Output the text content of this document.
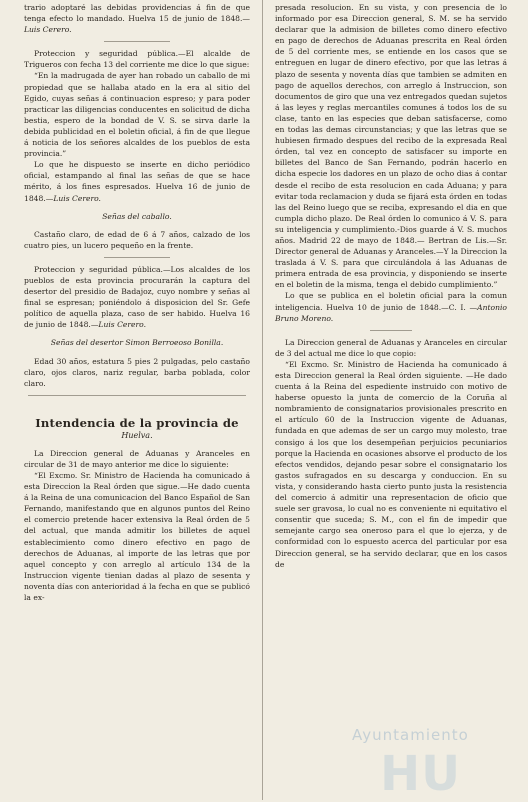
trario adoptaré las debidas providencias á fin de que tenga efecto lo mandado. Huelva 15 de junio de 1848.—Luis Cerero.

Proteccion y seguridad pública.—El alcalde de Trigueros con fecha 13 del corriente me dice lo que sigue:

“En la madrugada de ayer han robado un caballo de mi propiedad que se hallaba atado en la era al sitio del Egido, cuyas señas á continuacion espreso; y para poder practicar las diligencias conducentes en solicitud de dicha bestia, espero de la bondad de V. S. se sirva darle la debida publicidad en el boletin oficial, á fin de que llegue á noticia de los señores alcaldes de los pueblos de esta provincia.”

Lo que he dispuesto se inserte en dicho periódico oficial, estampando al final las señas de que se hace mérito, á los fines espresados. Huelva 16 de junio de 1848.—Luis Cerero.

Señas del caballo.

Castaño claro, de edad de 6 á 7 años, calzado de los cuatro pies, un lucero pequeño en la frente.

Proteccion y seguridad pública.—Los alcaldes de los pueblos de esta provincia procurarán la captura del desertor del presidio de Badajoz, cuyo nombre y señas al final se espresan; poniéndolo á disposicion del Sr. Gefe político de aquella plaza, caso de ser habido. Huelva 16 de junio de 1848.—Luis Cerero.

Señas del desertor Simon Berroeoso Bonilla.

Edad 30 años, estatura 5 pies 2 pulgadas, pelo castaño claro, ojos claros, nariz regular, barba poblada, color claro.

Intendencia de la provincia de
Huelva.

La Direccion general de Aduanas y Aranceles en circular de 31 de mayo anterior me dice lo siguiente:

“El Excmo. Sr. Ministro de Hacienda ha comunicado á esta Direccion la Real órden que sigue.—He dado cuenta á la Reina de una comunicacion del Banco Español de San Fernando, manifestando que en algunos puntos del Reino el comercio pretende hacer extensiva la Real órden de 5 del actual, que manda admitir los billetes de aquel establecimiento como dinero efectivo en pago de derechos de Aduanas, al importe de las letras que por aquel concepto y con arreglo al artículo 134 de la Instruccion vigente tienian dadas al plazo de sesenta y noventa días con anterioridad á la fecha en que se publicó la ex-

presada resolucion. En su vista, y con presencia de lo informado por esa Direccion general, S. M. se ha servido declarar que la admision de billetes como dinero efectivo en pago de derechos de Aduanas prescrita en Real órden de 5 del corriente mes, se entiende en los casos que se entreguen en lugar de dinero efectivo, por que las letras á plazo de sesenta y noventa días que tambien se admiten en pago de aquellos derechos, con arreglo á Instruccion, son documentos de giro que una vez entregados quedan sujetos á las leyes y reglas mercantiles comunes á todos los de su clase, tanto en las especies que deban satisfacerse, como en todas las demas circunstancias; y que las letras que se hubiesen firmado despues del recibo de la expresada Real órden, tal vez en concepto de satisfacer su importe en billetes del Banco de San Fernando, podrán hacerlo en dicha especie los dadores en un plazo de ocho dias á contar desde el recibo de esta resolucion en cada Aduana; y para evitar toda reclamacion y duda se fijará esta órden en todas las del Reino luego que se reciba, expresando el dia en que cumpla dicho plazo. De Real órden lo comunico á V. S. para su inteligencia y cumplimiento.-Dios guarde á V. S. muchos años. Madrid 22 de mayo de 1848.— Bertran de Lis.—Sr. Director general de Aduanas y Aranceles.—Y la Direccion la traslada á V. S. para que circulándola á las Aduanas de primera entrada de esa provincia, y disponiendo se inserte en el boletin de la misma, tenga el debido cumplimiento.”

Lo que se publica en el boletin oficial para la comun inteligencia. Huelva 10 de junio de 1848.—C. I. —Antonio Bruno Moreno.

La Direccion general de Aduanas y Aranceles en circular de 3 del actual me dice lo que copio:

“El Excmo. Sr. Ministro de Hacienda ha comunicado á esta Direccion general la Real órden siguiente. —He dado cuenta á la Reina del espediente instruido con motivo de haberse opuesto la junta de comercio de la Coruña al nombramiento de consignatarios provisionales prescrito en el artículo 60 de la Instruccion vigente de Aduanas, fundada en que ademas de ser un cargo muy molesto, trae consigo á los que los desempeñan perjuicios pecuniarios porque la Hacienda en ocasiones absorve el producto de los efectos vendidos, dejando pesar sobre el consignatario los gastos sufragados en su descarga y conduccion. En su vista, y considerando hasta cierto punto justa la resistencia del comercio á admitir una representacion de oficio que suele ser gravosa, lo cual no es conveniente ni equitativo el consentir que suceda; S. M., con el fin de impedir que semejante cargo sea oneroso para el que lo ejerza, y de conformidad con lo espuesto acerca del particular por esa Direccion general, se ha servido declarar, que en los casos de

Ayuntamiento
HU
